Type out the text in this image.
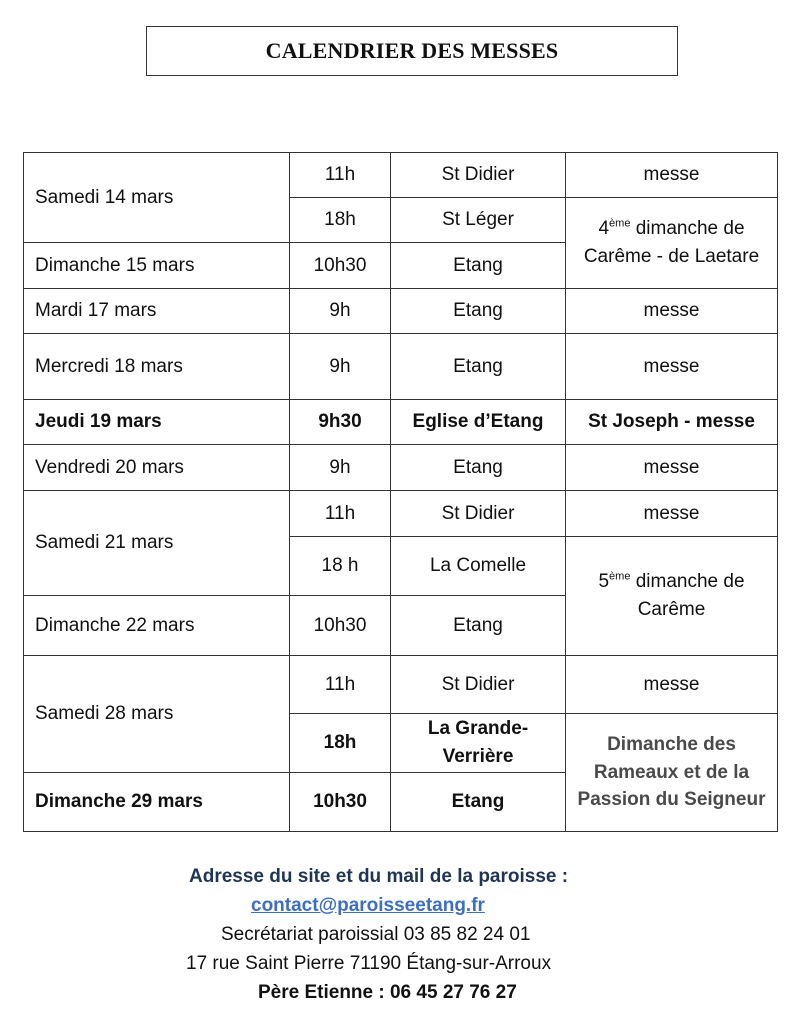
CALENDRIER DES MESSES
Samedi 14 mars	11h	St Didier	messe
	18h	St Léger	4ème dimanche de Carême - de Laetare
Dimanche 15 mars	10h30	Etang	
Mardi 17 mars	9h	Etang	messe
Mercredi 18 mars	9h	Etang	messe
Jeudi 19 mars	9h30	Eglise d’Etang	St Joseph - messe
Vendredi 20 mars	9h	Etang	messe
Samedi 21 mars	11h	St Didier	messe
	18 h	La Comelle	5ème dimanche de Carême
Dimanche 22 mars	10h30	Etang	
Samedi 28 mars	11h	St Didier	messe
	18h	La Grande-Verrière	Dimanche des Rameaux et de la Passion du Seigneur
Dimanche 29 mars	10h30	Etang	
Adresse du site et du mail de la paroisse :
contact@paroisseetang.fr
Secrétariat paroissial 03 85 82 24 01
17 rue Saint Pierre 71190 Étang-sur-Arroux
Père Etienne : 06 45 27 76 27
